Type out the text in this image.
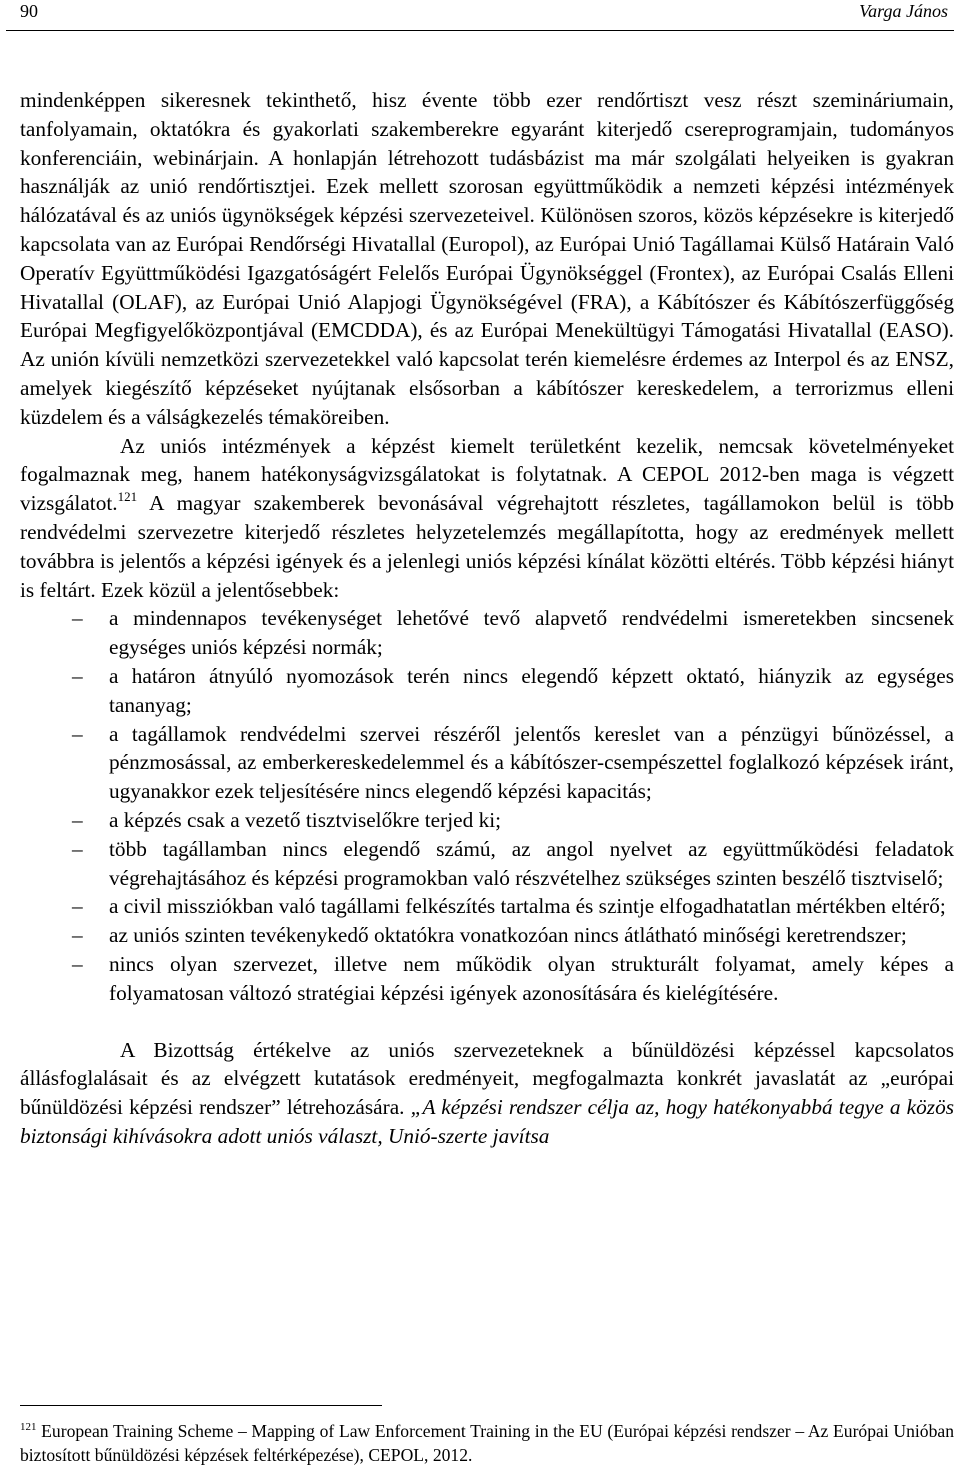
90	Varga János

mindenképpen sikeresnek tekinthető, hisz évente több ezer rendőrtiszt vesz részt szemináriumain, tanfolyamain, oktatókra és gyakorlati szakemberekre egyaránt kiterjedő csereprogramjain, tudományos konferenciáin, webinárjain. A honlapján létrehozott tudásbázist ma már szolgálati helyeiken is gyakran használják az unió rendőrtisztjei. Ezek mellett szorosan együttműködik a nemzeti képzési intézmények hálózatával és az uniós ügynökségek képzési szervezeteivel. Különösen szoros, közös képzésekre is kiterjedő kapcsolata van az Európai Rendőrségi Hivatallal (Europol), az Európai Unió Tagállamai Külső Határain Való Operatív Együttműködési Igazgatóságért Felelős Európai Ügynökséggel (Frontex), az Európai Csalás Elleni Hivatallal (OLAF), az Európai Unió Alapjogi Ügynökségével (FRA), a Kábítószer és Kábítószerfüggőség Európai Megfigyelőközpontjával (EMCDDA), és az Európai Menekültügyi Támogatási Hivatallal (EASO). Az unión kívüli nemzetközi szervezetekkel való kapcsolat terén kiemelésre érdemes az Interpol és az ENSZ, amelyek kiegészítő képzéseket nyújtanak elsősorban a kábítószer kereskedelem, a terrorizmus elleni küzdelem és a válságkezelés témaköreiben.

Az uniós intézmények a képzést kiemelt területként kezelik, nemcsak követelményeket fogalmaznak meg, hanem hatékonyságvizsgálatokat is folytatnak. A CEPOL 2012-ben maga is végzett vizsgálatot.$^{121}$ A magyar szakemberek bevonásával végrehajtott részletes, tagállamokon belül is több rendvédelmi szervezetre kiterjedő részletes helyzetelemzés megállapította, hogy az eredmények mellett továbbra is jelentős a képzési igények és a jelenlegi uniós képzési kínálat közötti eltérés. Több képzési hiányt is feltárt. Ezek közül a jelentősebbek:

– a mindennapos tevékenységet lehetővé tevő alapvető rendvédelmi ismeretekben sincsenek egységes uniós képzési normák;
– a határon átnyúló nyomozások terén nincs elegendő képzett oktató, hiányzik az egységes tananyag;
– a tagállamok rendvédelmi szervei részéről jelentős kereslet van a pénzügyi bűnözéssel, a pénzmosással, az emberkereskedelemmel és a kábítószer-csempészettel foglalkozó képzések iránt, ugyanakkor ezek teljesítésére nincs elegendő képzési kapacitás;
– a képzés csak a vezető tisztviselőkre terjed ki;
– több tagállamban nincs elegendő számú, az angol nyelvet az együttműködési feladatok végrehajtásához és képzési programokban való részvételhez szükséges szinten beszélő tisztviselő;
– a civil missziókban való tagállami felkészítés tartalma és szintje elfogadhatatlan mértékben eltérő;
– az uniós szinten tevékenykedő oktatókra vonatkozóan nincs átlátható minőségi keretrendszer;
– nincs olyan szervezet, illetve nem működik olyan strukturált folyamat, amely képes a folyamatosan változó stratégiai képzési igények azonosítására és kielégítésére.

A Bizottság értékelve az uniós szervezeteknek a bűnüldözési képzéssel kapcsolatos állásfoglalásait és az elvégzett kutatások eredményeit, megfogalmazta konkrét javaslatát az „európai bűnüldözési képzési rendszer” létrehozására. „A képzési rendszer célja az, hogy hatékonyabbá tegye a közös biztonsági kihívásokra adott uniós választ, Unió-szerte javítsa

$^{121}$ European Training Scheme – Mapping of Law Enforcement Training in the EU (Európai képzési rendszer – Az Európai Unióban biztosított bűnüldözési képzések feltérképezése), CEPOL, 2012.
